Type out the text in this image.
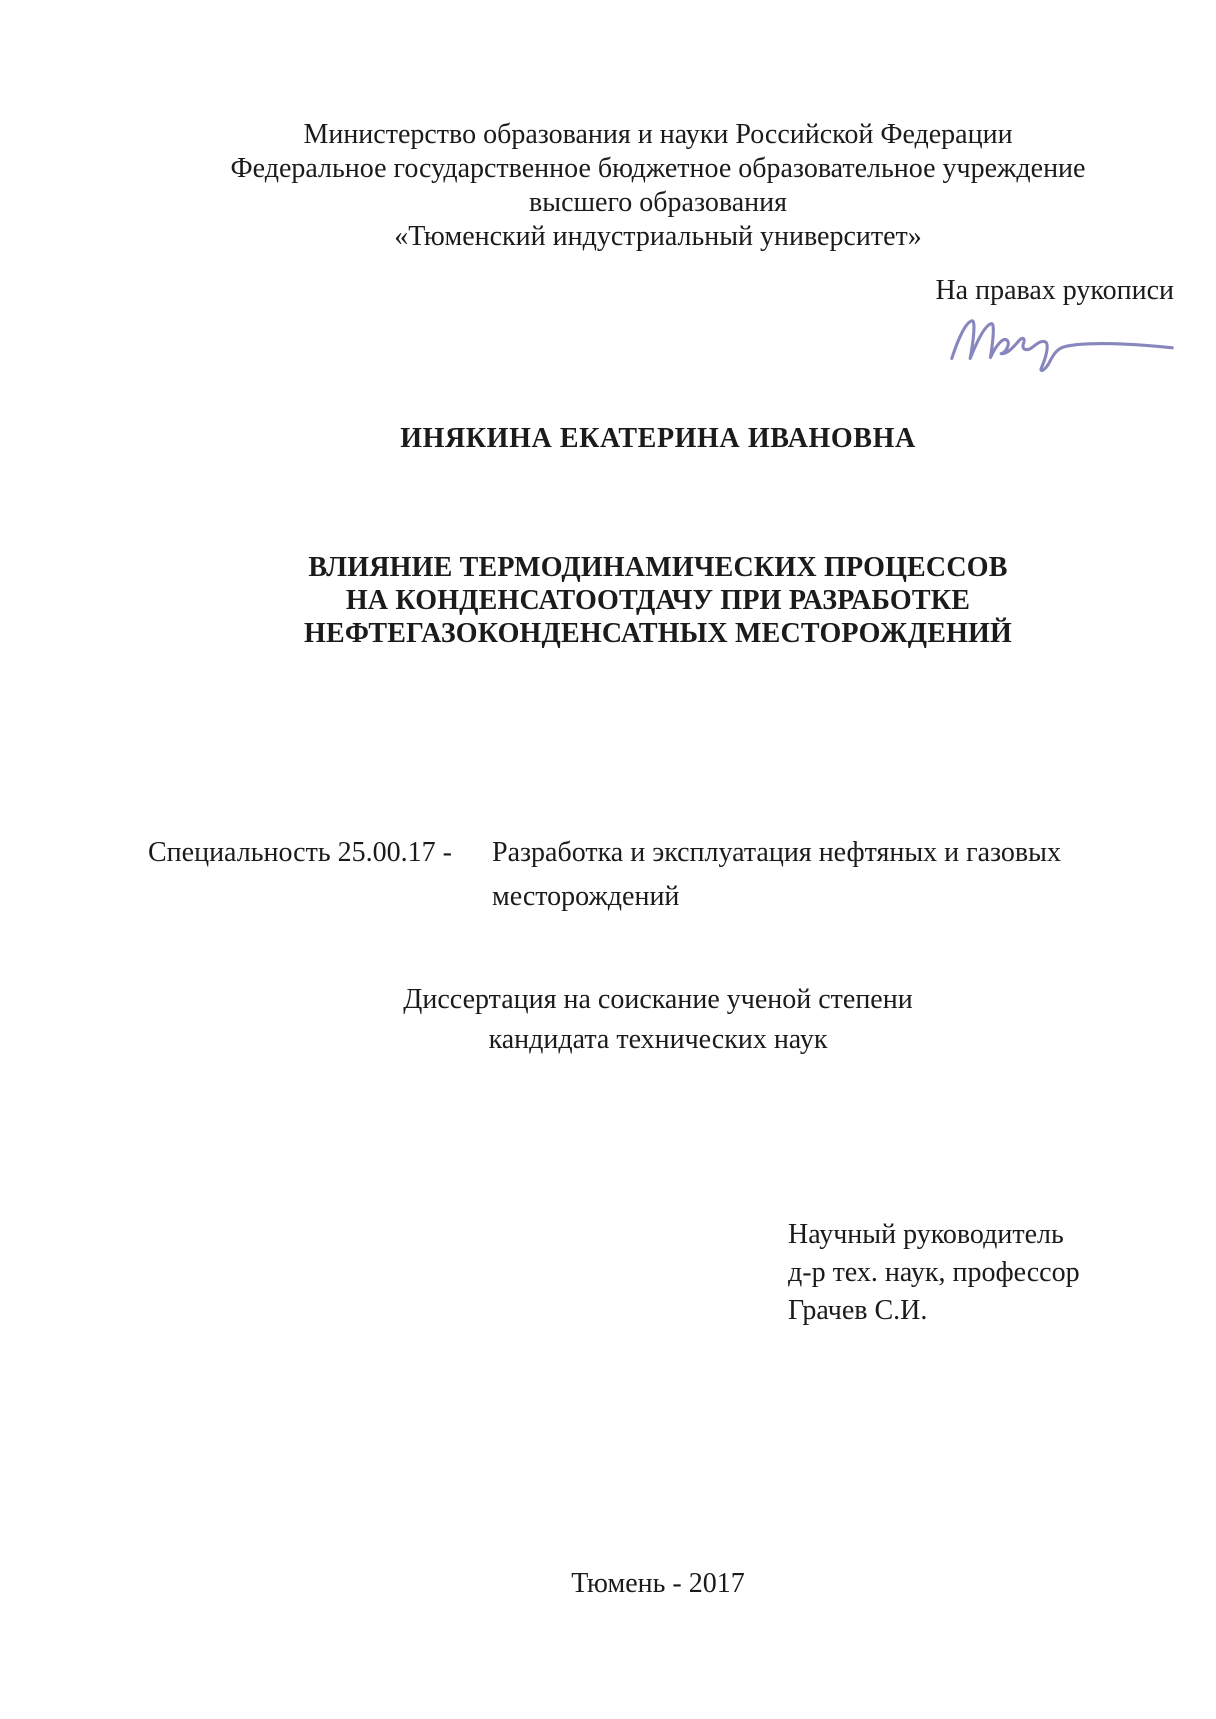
Министерство образования и науки Российской Федерации
Федеральное государственное бюджетное образовательное учреждение
высшего образования
«Тюменский индустриальный университет»
На правах рукописи
ИНЯКИНА ЕКАТЕРИНА ИВАНОВНА
ВЛИЯНИЕ ТЕРМОДИНАМИЧЕСКИХ ПРОЦЕССОВ
НА КОНДЕНСАТООТДАЧУ ПРИ РАЗРАБОТКЕ
НЕФТЕГАЗОКОНДЕНСАТНЫХ МЕСТОРОЖДЕНИЙ
Специальность 25.00.17 - Разработка и эксплуатация нефтяных и газовых месторождений
Диссертация на соискание ученой степени
кандидата технических наук
Научный руководитель
д-р тех. наук, профессор
Грачев С.И.
Тюмень - 2017
